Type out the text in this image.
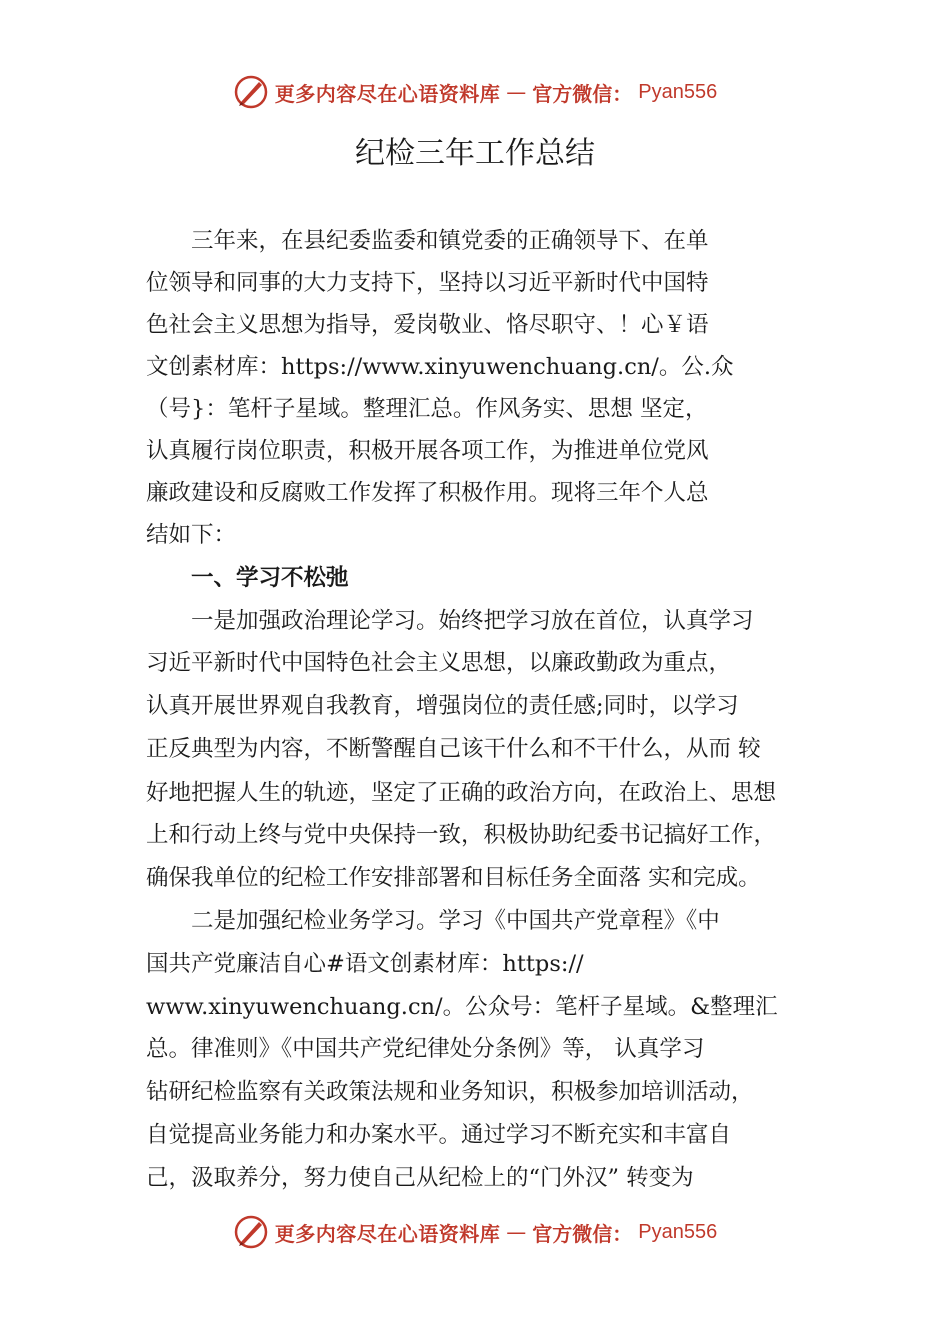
更多内容尽在心语资料库 — 官方微信： Pyan556
纪检三年工作总结
　　三年来，在县纪委监委和镇党委的正确领导下、在单
位领导和同事的大力支持下，坚持以习近平新时代中国特
色社会主义思想为指导，爱岗敬业、恪尽职守、！心￥语
文创素材库：https://www.xinyuwenchuang.cn/。公.众
（号}：笔杆子星域。整理汇总。作风务实、思想 坚定，
认真履行岗位职责，积极开展各项工作，为推进单位党风
廉政建设和反腐败工作发挥了积极作用。现将三年个人总
结如下：
　　一、学习不松弛
　　一是加强政治理论学习。始终把学习放在首位，认真学习
习近平新时代中国特色社会主义思想，以廉政勤政为重点，
认真开展世界观自我教育，增强岗位的责任感;同时，以学习
正反典型为内容，不断警醒自己该干什么和不干什么，从而 较
好地把握人生的轨迹，坚定了正确的政治方向，在政治上、思想
上和行动上终与党中央保持一致，积极协助纪委书记搞好工作，
确保我单位的纪检工作安排部署和目标任务全面落 实和完成。
　　二是加强纪检业务学习。学习《中国共产党章程》《中
国共产党廉洁自心#语文创素材库：https://
www.xinyuwenchuang.cn/。公众号：笔杆子星域。&整理汇
总。律准则》《中国共产党纪律处分条例》等， 认真学习
钻研纪检监察有关政策法规和业务知识，积极参加培训活动，
自觉提高业务能力和办案水平。通过学习不断充实和丰富自
己，汲取养分，努力使自己从纪检上的“门外汉” 转变为
更多内容尽在心语资料库 — 官方微信： Pyan556
